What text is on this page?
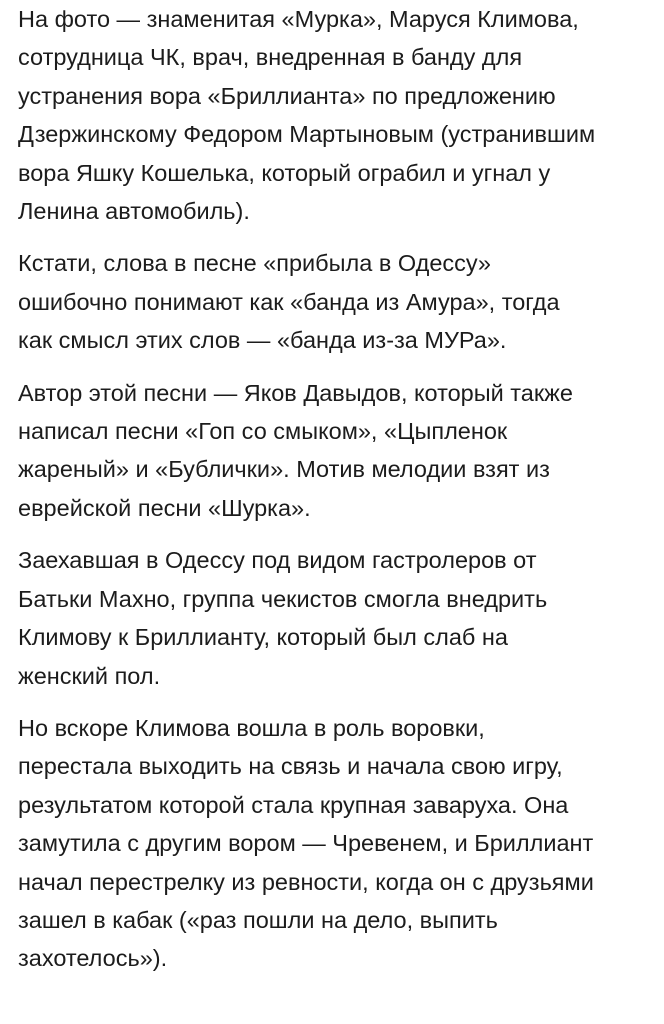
На фото — знаменитая «Мурка», Маруся Климова,
сотрудница ЧК, врач, внедренная в банду для
устранения вора «Бриллианта» по предложению
Дзержинскому Федором Мартыновым (устранившим
вора Яшку Кошелька, который ограбил и угнал у
Ленина автомобиль).

Кстати, слова в песне «прибыла в Одессу»
ошибочно понимают как «банда из Амура», тогда
как смысл этих слов — «банда из-за МУРа».

Автор этой песни — Яков Давыдов, который также
написал песни «Гоп со смыком», «Цыпленок
жареный» и «Бублички». Мотив мелодии взят из
еврейской песни «Шурка».

Заехавшая в Одессу под видом гастролеров от
Батьки Махно, группа чекистов смогла внедрить
Климову к Бриллианту, который был слаб на
женский пол.

Но вскоре Климова вошла в роль воровки,
перестала выходить на связь и начала свою игру,
результатом которой стала крупная заваруха. Она
замутила с другим вором — Чревенем, и Бриллиант
начал перестрелку из ревности, когда он с друзьями
зашел в кабак («раз пошли на дело, выпить
захотелось»).
